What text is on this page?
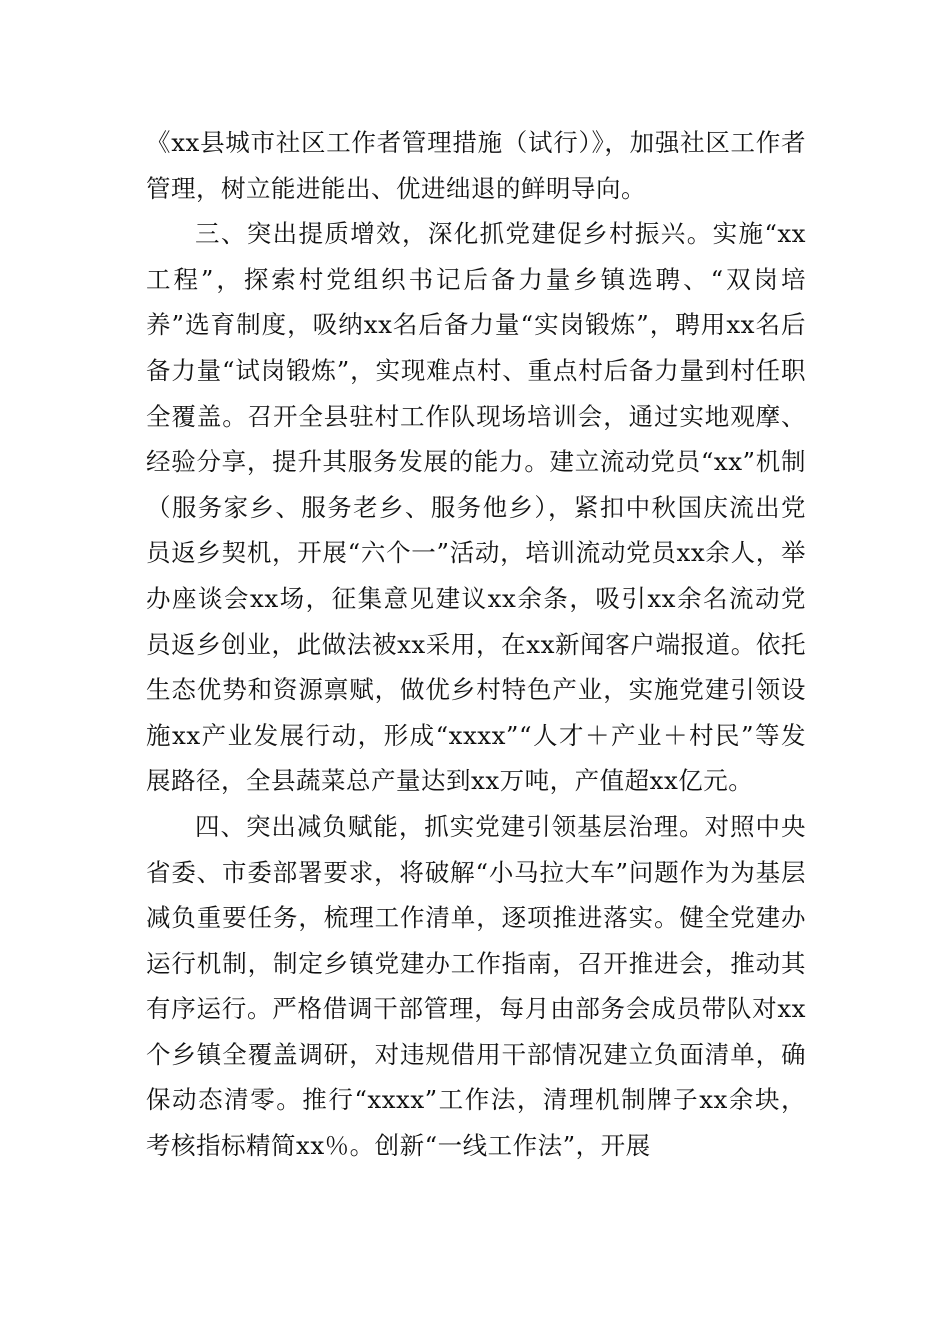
《xx县城市社区工作者管理措施（试行）》，加强社区工作者管理，树立能进能出、优进绌退的鲜明导向。

三、突出提质增效，深化抓党建促乡村振兴。实施“xx工程”，探索村党组织书记后备力量乡镇选聘、“双岗培养”选育制度，吸纳xx名后备力量“实岗锻炼”，聘用xx名后备力量“试岗锻炼”，实现难点村、重点村后备力量到村任职全覆盖。召开全县驻村工作队现场培训会，通过实地观摩、经验分享，提升其服务发展的能力。建立流动党员“xx”机制（服务家乡、服务老乡、服务他乡），紧扣中秋国庆流出党员返乡契机，开展“六个一”活动，培训流动党员xx余人，举办座谈会xx场，征集意见建议xx余条，吸引xx余名流动党员返乡创业，此做法被xx采用，在xx新闻客户端报道。依托生态优势和资源禀赋，做优乡村特色产业，实施党建引领设施xx产业发展行动，形成“xxxx”“人才＋产业＋村民”等发展路径，全县蔬菜总产量达到xx万吨，产值超xx亿元。

四、突出减负赋能，抓实党建引领基层治理。对照中央省委、市委部署要求，将破解“小马拉大车”问题作为为基层减负重要任务，梳理工作清单，逐项推进落实。健全党建办运行机制，制定乡镇党建办工作指南，召开推进会，推动其有序运行。严格借调干部管理，每月由部务会成员带队对xx个乡镇全覆盖调研，对违规借用干部情况建立负面清单，确保动态清零。推行“xxxx”工作法，清理机制牌子xx余块，考核指标精简xx％。创新“一线工作法”，开展
